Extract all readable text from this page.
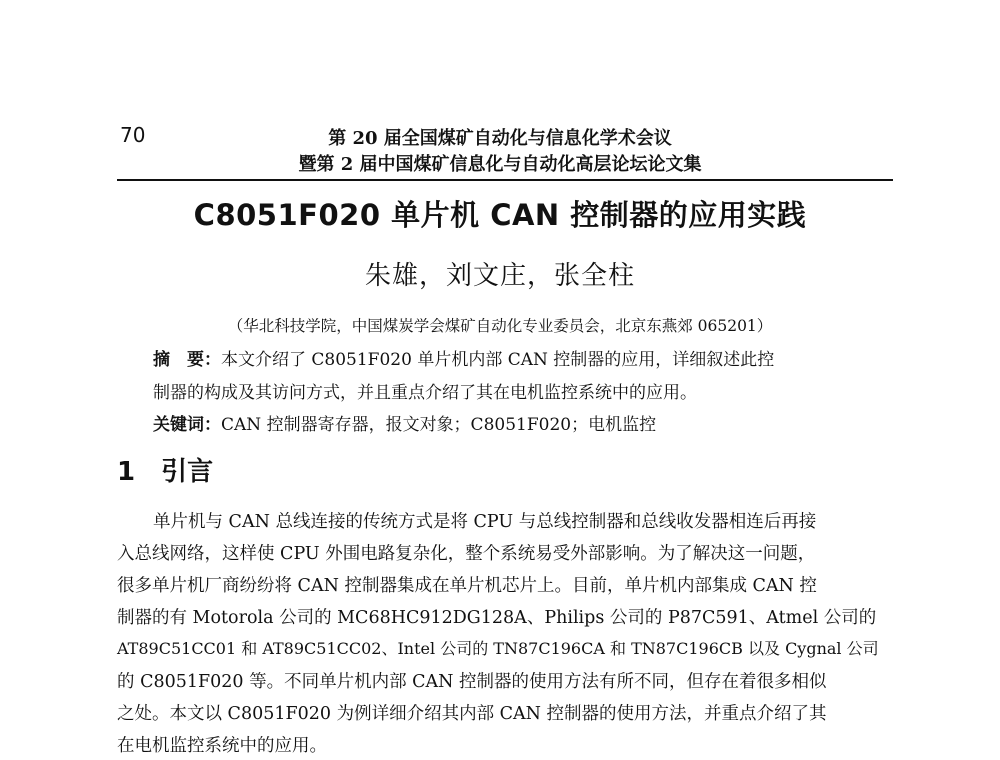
70	第 20 届全国煤矿自动化与信息化学术会议
暨第 2 届中国煤矿信息化与自动化高层论坛论文集
C8051F020 单片机 CAN 控制器的应用实践
朱雄，刘文庄，张全柱
（华北科技学院，中国煤炭学会煤矿自动化专业委员会，北京东燕郊 065201）
摘　要：本文介绍了 C8051F020 单片机内部 CAN 控制器的应用，详细叙述此控
制器的构成及其访问方式，并且重点介绍了其在电机监控系统中的应用。
关键词：CAN 控制器寄存器，报文对象；C8051F020；电机监控
1 引言
单片机与 CAN 总线连接的传统方式是将 CPU 与总线控制器和总线收发器相连后再接
入总线网络，这样使 CPU 外围电路复杂化，整个系统易受外部影响。为了解决这一问题，
很多单片机厂商纷纷将 CAN 控制器集成在单片机芯片上。目前，单片机内部集成 CAN 控
制器的有 Motorola 公司的 MC68HC912DG128A、Philips 公司的 P87C591、Atmel 公司的
AT89C51CC01 和 AT89C51CC02、Intel 公司的 TN87C196CA 和 TN87C196CB 以及 Cygnal 公司
的 C8051F020 等。不同单片机内部 CAN 控制器的使用方法有所不同，但存在着很多相似
之处。本文以 C8051F020 为例详细介绍其内部 CAN 控制器的使用方法，并重点介绍了其
在电机监控系统中的应用。
